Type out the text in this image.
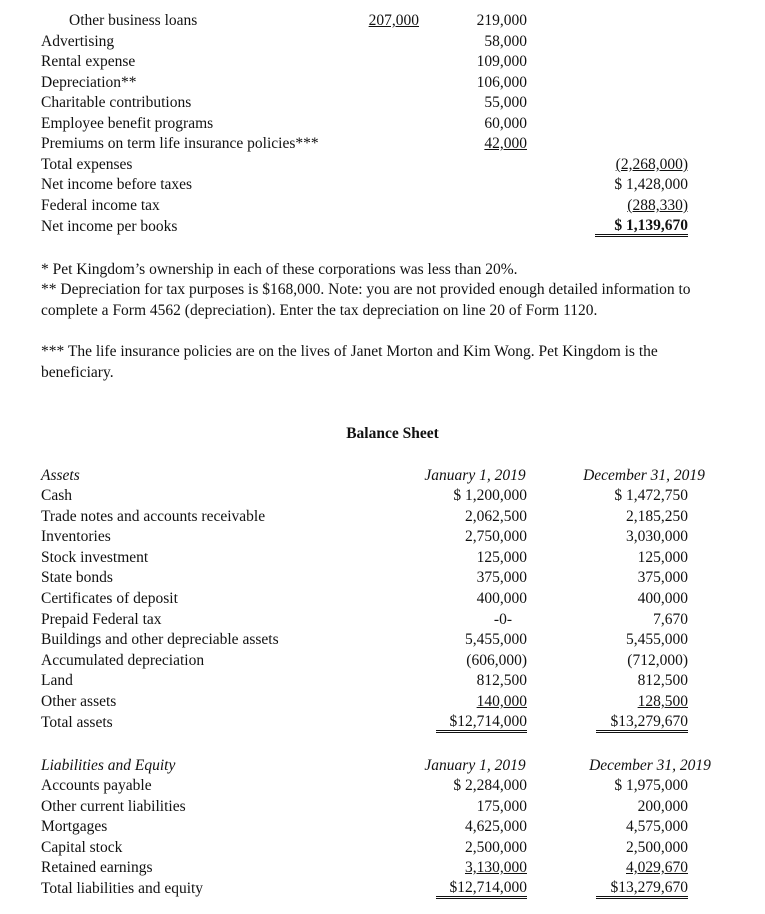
Other business loans	207,000	219,000
Advertising	58,000
Rental expense	109,000
Depreciation**	106,000
Charitable contributions	55,000
Employee benefit programs	60,000
Premiums on term life insurance policies***	42,000
Total expenses	(2,268,000)
Net income before taxes	$ 1,428,000
Federal income tax	(288,330)
Net income per books	$ 1,139,670
* Pet Kingdom’s ownership in each of these corporations was less than 20%.
** Depreciation for tax purposes is $168,000. Note: you are not provided enough detailed information to complete a Form 4562 (depreciation). Enter the tax depreciation on line 20 of Form 1120.
*** The life insurance policies are on the lives of Janet Morton and Kim Wong. Pet Kingdom is the beneficiary.
Balance Sheet
Assets	January 1, 2019	December 31, 2019
Cash	$ 1,200,000	$ 1,472,750
Trade notes and accounts receivable	2,062,500	2,185,250
Inventories	2,750,000	3,030,000
Stock investment	125,000	125,000
State bonds	375,000	375,000
Certificates of deposit	400,000	400,000
Prepaid Federal tax	-0-	7,670
Buildings and other depreciable assets	5,455,000	5,455,000
Accumulated depreciation	(606,000)	(712,000)
Land	812,500	812,500
Other assets	140,000	128,500
Total assets	$12,714,000	$13,279,670
Liabilities and Equity	January 1, 2019	December 31, 2019
Accounts payable	$ 2,284,000	$ 1,975,000
Other current liabilities	175,000	200,000
Mortgages	4,625,000	4,575,000
Capital stock	2,500,000	2,500,000
Retained earnings	3,130,000	4,029,670
Total liabilities and equity	$12,714,000	$13,279,670
